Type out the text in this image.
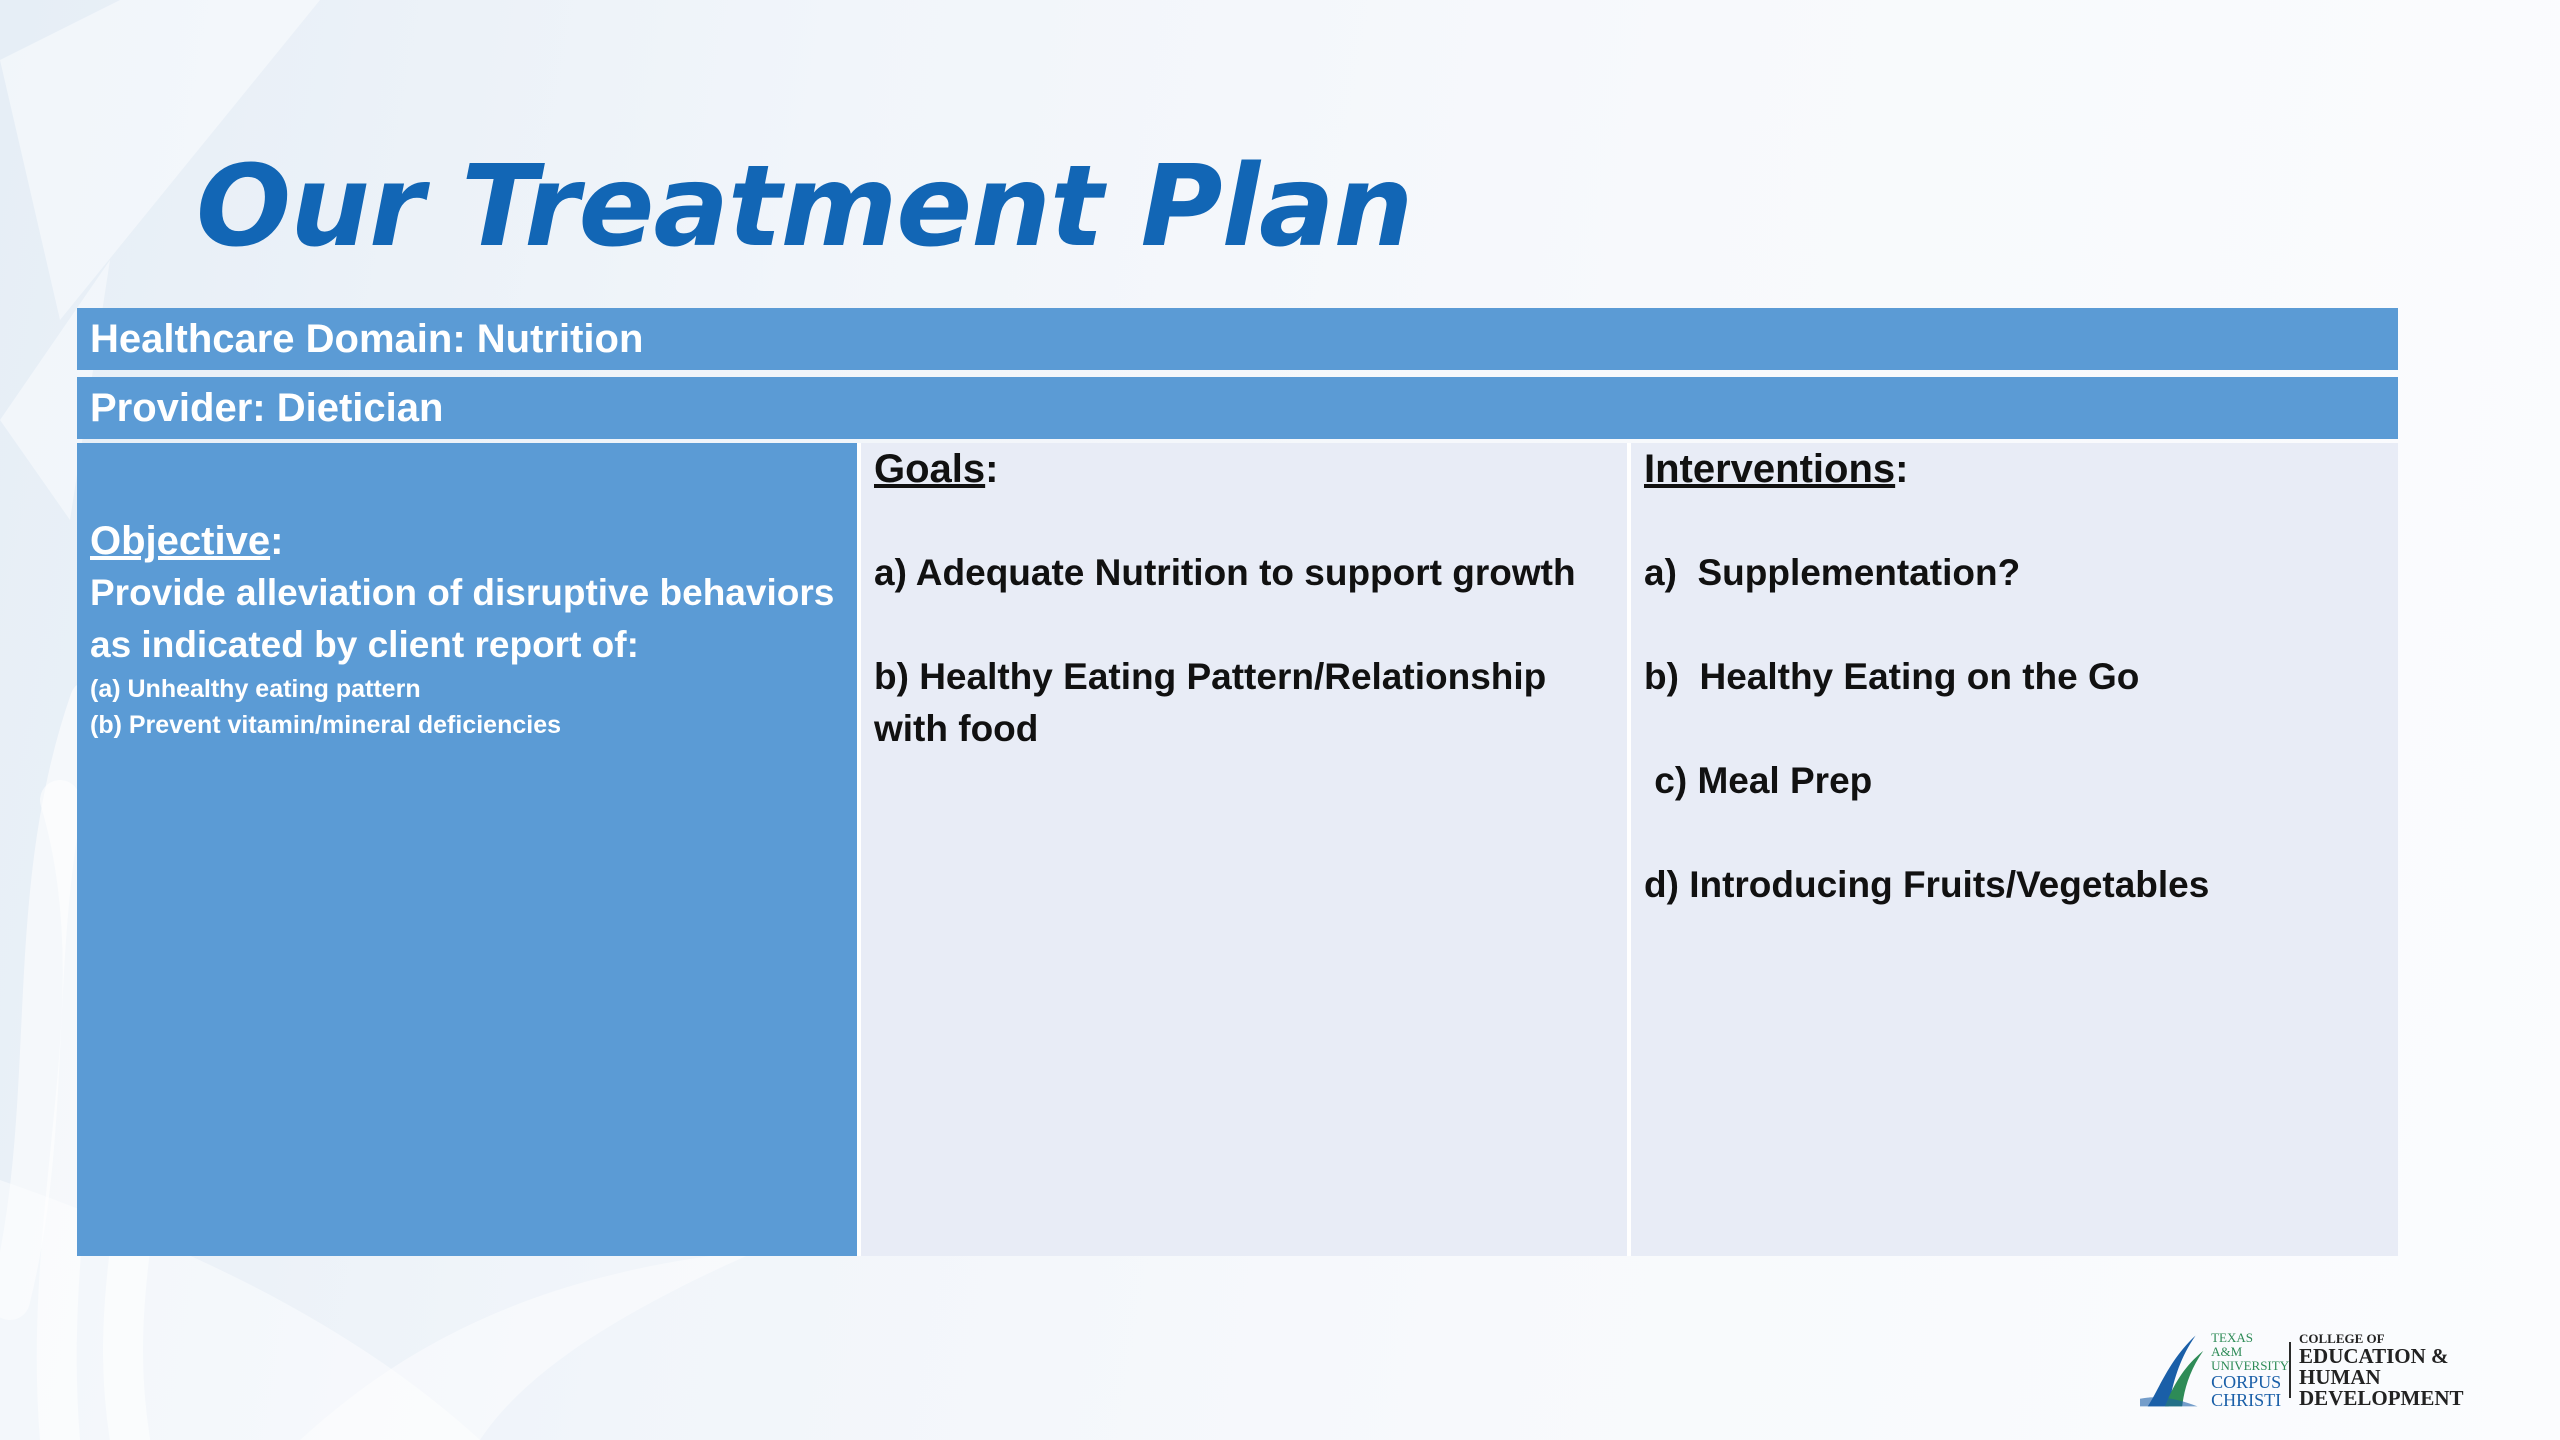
Our Treatment Plan
Healthcare Domain: Nutrition
Provider: Dietician
Objective:

Provide alleviation of disruptive behaviors as indicated by client report of:

(a) Unhealthy eating pattern

(b) Prevent vitamin/mineral deficiencies

Goals:

a) Adequate Nutrition to support growth

b) Healthy Eating Pattern/Relationship with food

Interventions:

a)  Supplementation?

b)  Healthy Eating on the Go

c) Meal Prep

d) Introducing Fruits/Vegetables

TEXAS A&M
UNIVERSITY
CORPUS
CHRISTI
COLLEGE OF
EDUCATION &
HUMAN DEVELOPMENT
